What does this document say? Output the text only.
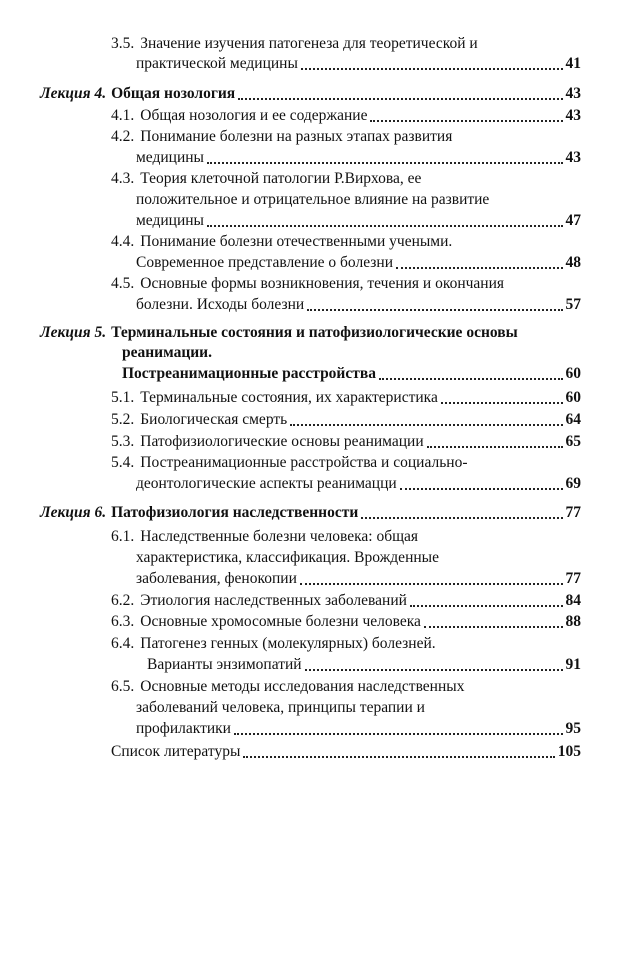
3.5. Значение изучения патогенеза для теоретической и
практической медицины	41
Лекция 4. Общая нозология	43
4.1. Общая нозология и ее содержание	43
4.2. Понимание болезни на разных этапах развития
медицины	43
4.3. Теория клеточной патологии Р.Вирхова, ее
положительное и отрицательное влияние на развитие
медицины	47
4.4. Понимание болезни отечественными учеными.
Современное представление о болезни	48
4.5. Основные формы возникновения, течения и окончания
болезни. Исходы болезни	57
Лекция 5. Терминальные состояния и патофизиологические основы
реанимации.
Постреанимационные расстройства	60
5.1. Терминальные состояния, их характеристика	60
5.2. Биологическая смерть	64
5.3. Патофизиологические основы реанимации	65
5.4. Постреанимационные расстройства и социально-
деонтологические аспекты реанимацци	69
Лекция 6. Патофизиология наследственности	77
6.1. Наследственные болезни человека: общая
характеристика, классификация. Врожденные
заболевания, фенокопии	77
6.2. Этиология наследственных заболеваний	84
6.3. Основные хромосомные болезни человека	88
6.4. Патогенез генных (молекулярных) болезней.
Варианты энзимопатий	91
6.5. Основные методы исследования наследственных
заболеваний человека, принципы терапии и
профилактики	95
Список литературы	105
